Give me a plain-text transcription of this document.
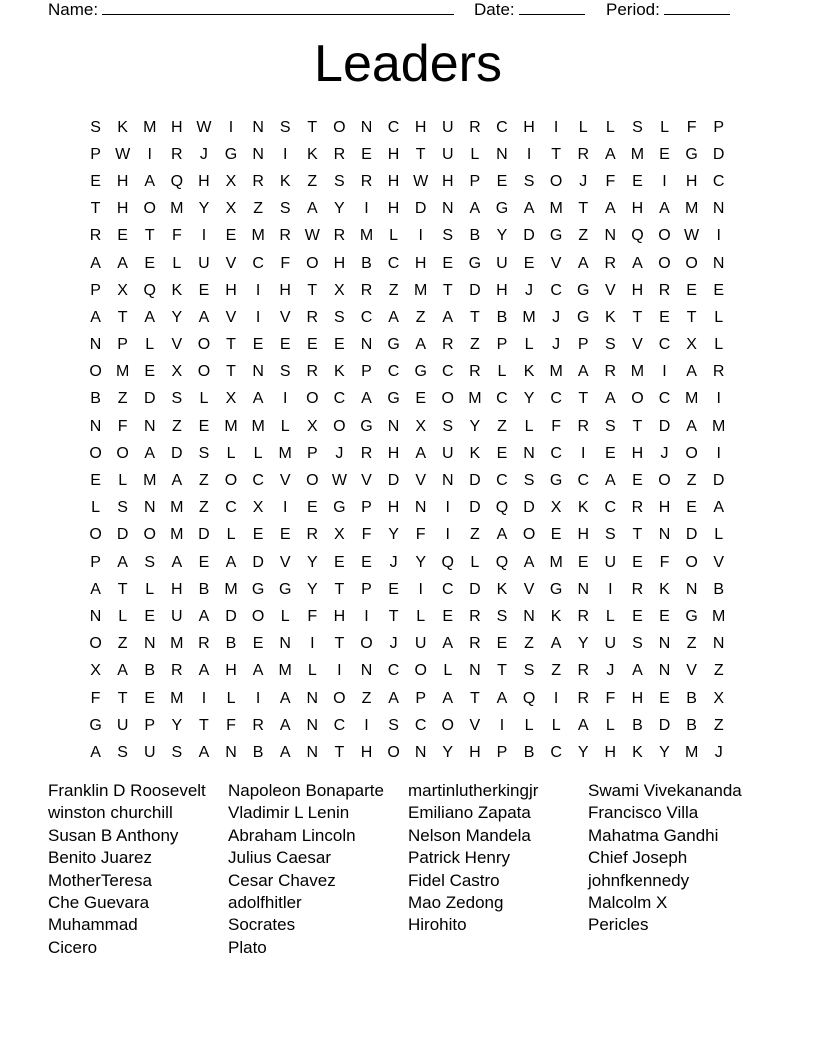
Name:	Date:	Period:
Leaders
S	K M H W	I	N S	T O N C H U R C H	I	L	L	S	L	F	P
P W	I	R	J	G N	I	K R E H	T	U	L	N	I	T	R A M E G D
E H A Q H X R K	Z	S R H W H P	E	S O	J	F	E	I	H C
T	H O M Y	X	Z	S	A	Y	I	H D N A G A M T	A H A M N
R E	T	F	I	E M R W R M L	I	S	B	Y D G Z	N Q O W	I
A	A	E	L	U V C	F O H B C H E G U E	V	A R A O O N
P	X Q K	E H	I	H	T	X R	Z M T	D H	J	C G V H R E	E
A	T	A	Y	A	V	I	V R S C A	Z	A	T	B M	J	G K	T	E	T	L
N P	L	V O T	E	E	E	E N G A R	Z	P	L	J	P	S	V C X	L
O M E	X O T	N S R K	P C G C R	L	K M A R M	I	A R
B	Z	D S	L	X	A	I	O C A G E O M C Y C	T	A O C M	I
N	F	N	Z	E M M L	X O G N X	S	Y	Z	L	F	R S	T	D A M
O O A D S	L	L M P	J	R H A U K	E N C	I	E H	J	O	I
E	L M A	Z O C V O W V D V N D C S G C A	E O Z	D
L	S N M Z	C X	I	E G P H N	I	D Q D X	K C R H E	A
O D O M D	L	E	E R X	F	Y	F	I	Z	A O E H S	T	N D	L
P	A	S	A	E	A D V	Y	E	E	J	Y Q	L	Q A M E U E	F O V
A	T	L	H B M G G Y	T	P	E	I	C D K	V G N	I	R K N B
N	L	E U A D O	L	F	H	I	T	L	E R S N K R	L	E	E G M
O Z	N M R B	E N	I	T O	J	U A R E	Z	A	Y U S N	Z	N
X	A	B R A H A M L	I	N C O	L	N	T	S	Z	R	J	A N V	Z
F	T	E M	I	L	I	A N O Z	A	P	A	T	A Q	I	R	F	H E	B	X
G U P	Y	T	F	R A N C	I	S C O V	I	L	L	A	L	B D B	Z
A	S U S	A N B	A N	T	H O N Y H P	B C Y H K	Y M	J
Franklin D Roosevelt
winston churchill
Susan B Anthony
Benito Juarez
MotherTeresa
Che Guevara
Muhammad
Cicero
Napoleon Bonaparte
Vladimir L Lenin
Abraham Lincoln
Julius Caesar
Cesar Chavez
adolfhitler
Socrates
Plato
martinlutherkingjr
Emiliano Zapata
Nelson Mandela
Patrick Henry
Fidel Castro
Mao Zedong
Hirohito
Swami Vivekananda
Francisco Villa
Mahatma Gandhi
Chief Joseph
johnfkennedy
Malcolm X
Pericles
